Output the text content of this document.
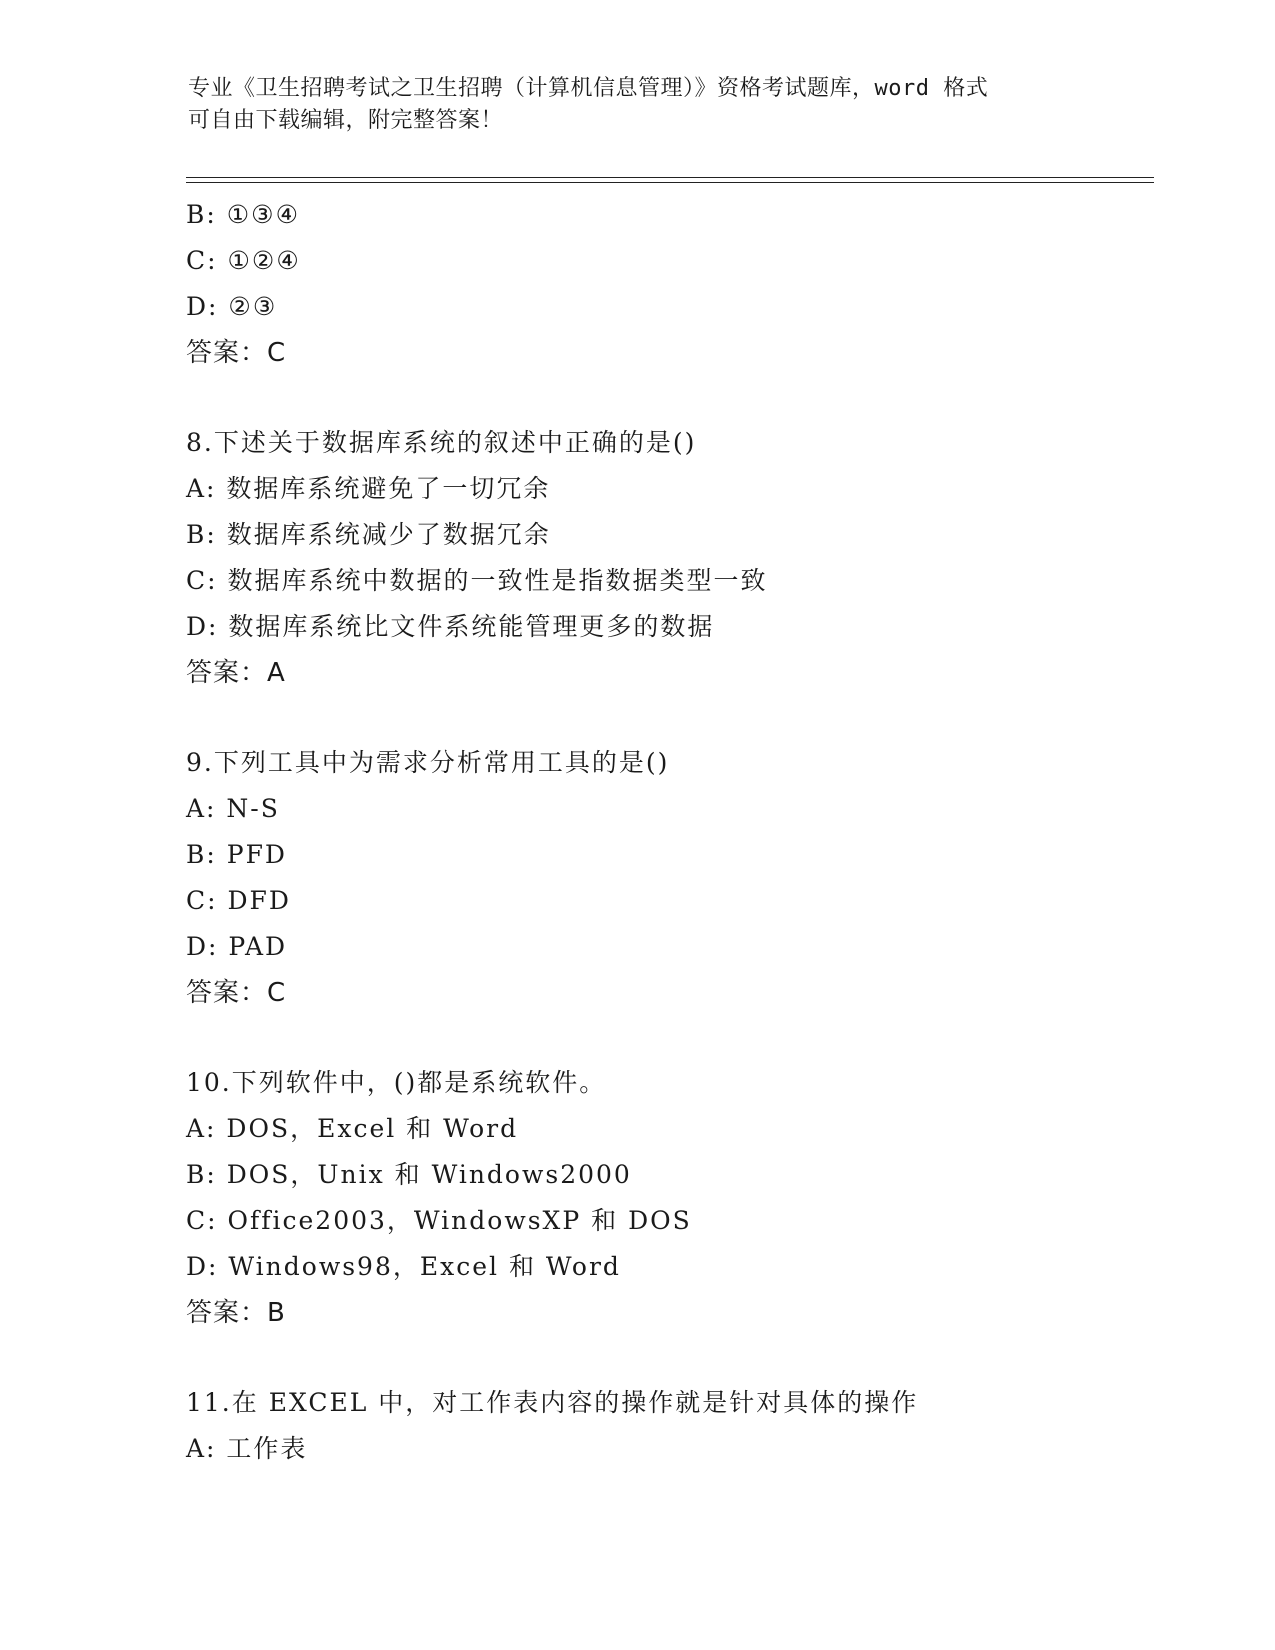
专业《卫生招聘考试之卫生招聘（计算机信息管理）》资格考试题库，word 格式
可自由下载编辑，附完整答案！
B: ①③④
C: ①②④
D: ②③
答案：C
8.下述关于数据库系统的叙述中正确的是()
A: 数据库系统避免了一切冗余
B: 数据库系统减少了数据冗余
C: 数据库系统中数据的一致性是指数据类型一致
D: 数据库系统比文件系统能管理更多的数据
答案：A
9.下列工具中为需求分析常用工具的是()
A: N-S
B: PFD
C: DFD
D: PAD
答案：C
10.下列软件中，()都是系统软件。
A: DOS，Excel 和 Word
B: DOS，Unix 和 Windows2000
C: Office2003，WindowsXP 和 DOS
D: Windows98，Excel 和 Word
答案：B
11.在 EXCEL 中，对工作表内容的操作就是针对具体的操作
A: 工作表
